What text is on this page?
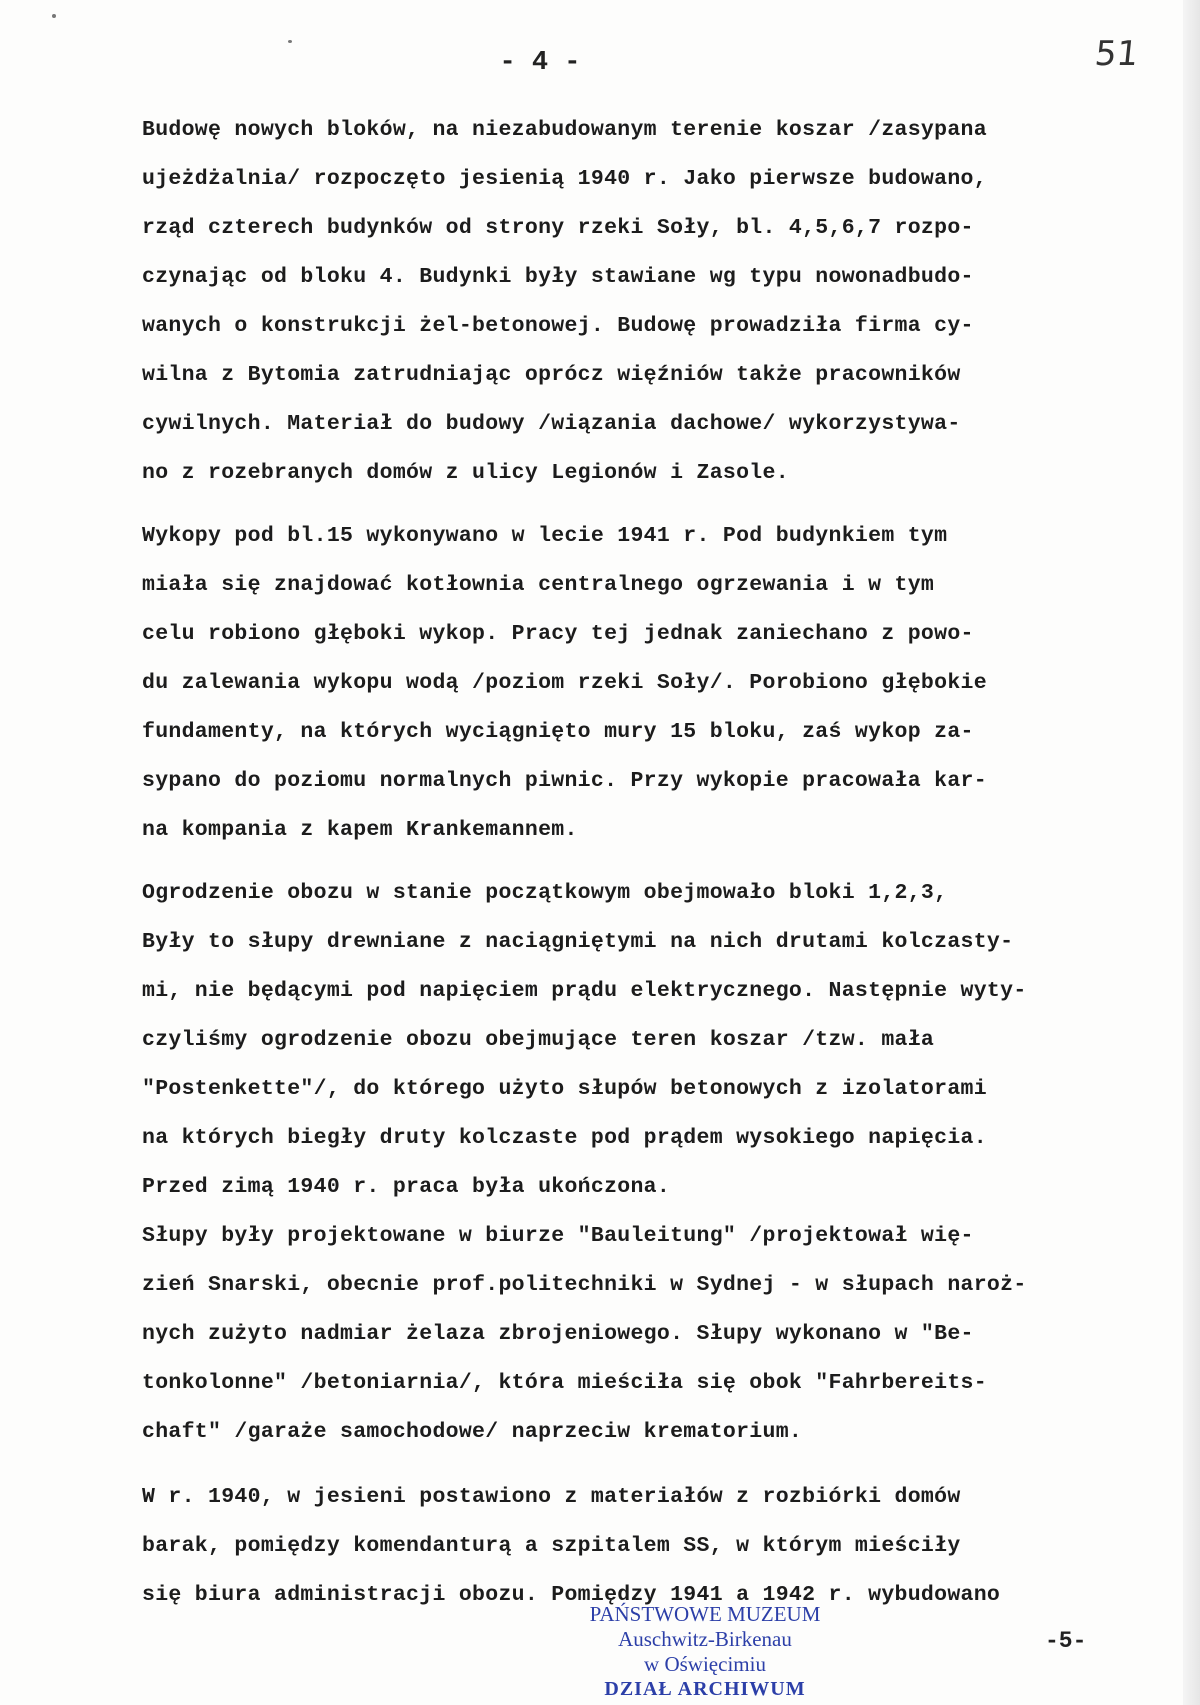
- 4 -	51
Budowę nowych bloków, na niezabudowanym terenie koszar /zasypana
ujeżdżalnia/ rozpoczęto jesienią 1940 r. Jako pierwsze budowano,
rząd czterech budynków od strony rzeki Soły, bl. 4,5,6,7 rozpo-
czynając od bloku 4. Budynki były stawiane wg typu nowonadbudo-
wanych o konstrukcji żel-betonowej. Budowę prowadziła firma cy-
wilna z Bytomia zatrudniając oprócz więźniów także pracowników
cywilnych. Materiał do budowy /wiązania dachowe/ wykorzystywa-
no z rozebranych domów z ulicy Legionów i Zasole.
Wykopy pod bl.15 wykonywano w lecie 1941 r. Pod budynkiem tym
miała się znajdować kotłownia centralnego ogrzewania i w tym
celu robiono głęboki wykop. Pracy tej jednak zaniechano z powo-
du zalewania wykopu wodą /poziom rzeki Soły/. Porobiono głębokie
fundamenty, na których wyciągnięto mury 15 bloku, zaś wykop za-
sypano do poziomu normalnych piwnic. Przy wykopie pracowała kar-
na kompania z kapem Krankemannem.
Ogrodzenie obozu w stanie początkowym obejmowało bloki 1,2,3,
Były to słupy drewniane z naciągniętymi na nich drutami kolczasty-
mi, nie będącymi pod napięciem prądu elektrycznego. Następnie wyty-
czyliśmy ogrodzenie obozu obejmujące teren koszar /tzw. mała
"Postenkette"/, do którego użyto słupów betonowych z izolatorami
na których biegły druty kolczaste pod prądem wysokiego napięcia.
Przed zimą 1940 r. praca była ukończona.
Słupy były projektowane w biurze "Bauleitung" /projektował wię-
zień Snarski, obecnie prof.politechniki w Sydnej - w słupach naroż-
nych zużyto nadmiar żelaza zbrojeniowego. Słupy wykonano w "Be-
tonkolonne" /betoniarnia/, która mieściła się obok "Fahrbereits-
chaft" /garaże samochodowe/ naprzeciw krematorium.
W r. 1940, w jesieni postawiono z materiałów z rozbiórki domów
barak, pomiędzy komendanturą a szpitalem SS, w którym mieściły
się biura administracji obozu. Pomiędzy 1941 a 1942 r. wybudowano
PAŃSTWOWE MUZEUM
Auschwitz-Birkenau
w Oświęcimiu
DZIAŁ ARCHIWUM
-5-
